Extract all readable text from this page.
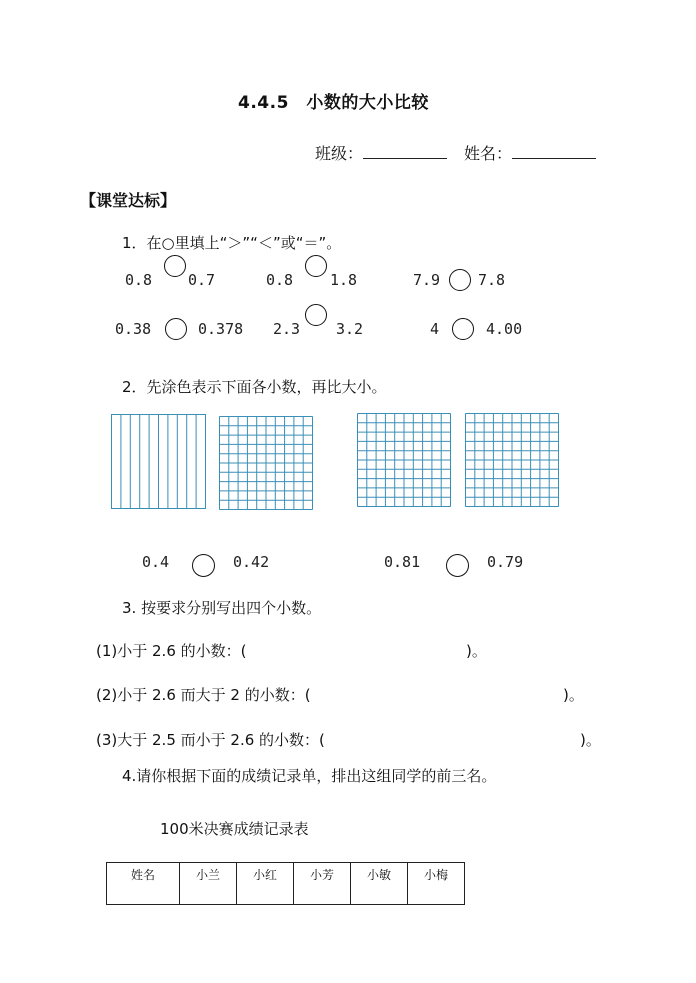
4.4.5　小数的大小比较
班级：	姓名：
【课堂达标】
1．在○里填上“＞”“＜”或“＝”。
0.8 0.7	0.8 1.8	7.9	7.8
0.38	0.378 2.3 3.2	4	4.00
2．先涂色表示下面各小数，再比大小。
0.4	0.42	0.81	0.79
3. 按要求分别写出四个小数。
(1)小于 2.6 的小数：(	)。
(2)小于 2.6 而大于 2 的小数：(	)。
(3)大于 2.5 而小于 2.6 的小数：(	)。
4.请你根据下面的成绩记录单，排出这组同学的前三名。
100米决赛成绩记录表
姓名	小兰	小红	小芳	小敏	小梅
